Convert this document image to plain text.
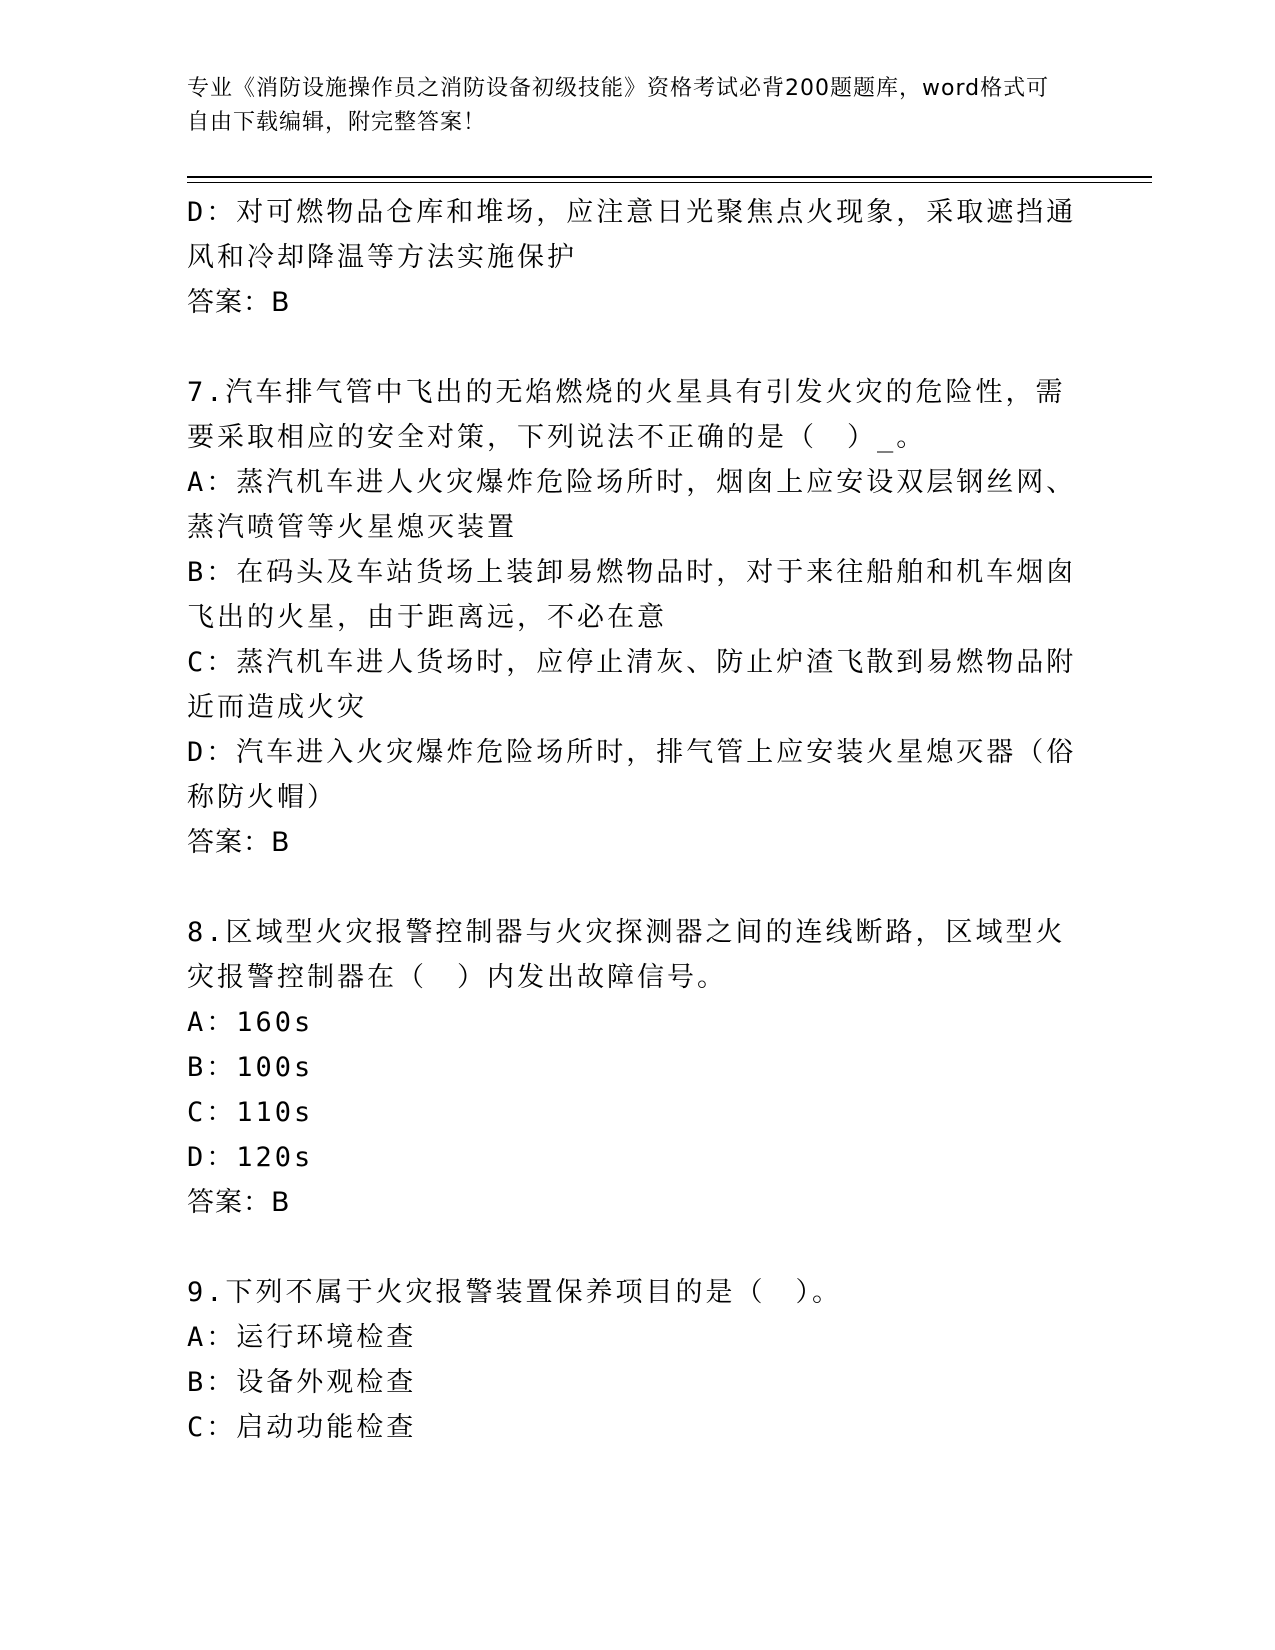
专业《消防设施操作员之消防设备初级技能》资格考试必背200题题库，word格式可自由下载编辑，附完整答案！
D：对可燃物品仓库和堆场，应注意日光聚焦点火现象，采取遮挡通风和冷却降温等方法实施保护
答案：B
7.汽车排气管中飞出的无焰燃烧的火星具有引发火灾的危险性，需要采取相应的安全对策，下列说法不正确的是（　）_。
A：蒸汽机车进人火灾爆炸危险场所时，烟囱上应安设双层钢丝网、蒸汽喷管等火星熄灭装置
B：在码头及车站货场上装卸易燃物品时，对于来往船舶和机车烟囱飞出的火星，由于距离远，不必在意
C：蒸汽机车进人货场时，应停止清灰、防止炉渣飞散到易燃物品附近而造成火灾
D：汽车进入火灾爆炸危险场所时，排气管上应安装火星熄灭器（俗称防火帽）
答案：B
8.区域型火灾报警控制器与火灾探测器之间的连线断路，区域型火灾报警控制器在（　）内发出故障信号。
A：160s
B：100s
C：110s
D：120s
答案：B
9.下列不属于火灾报警装置保养项目的是（　）。
A：运行环境检查
B：设备外观检查
C：启动功能检查
